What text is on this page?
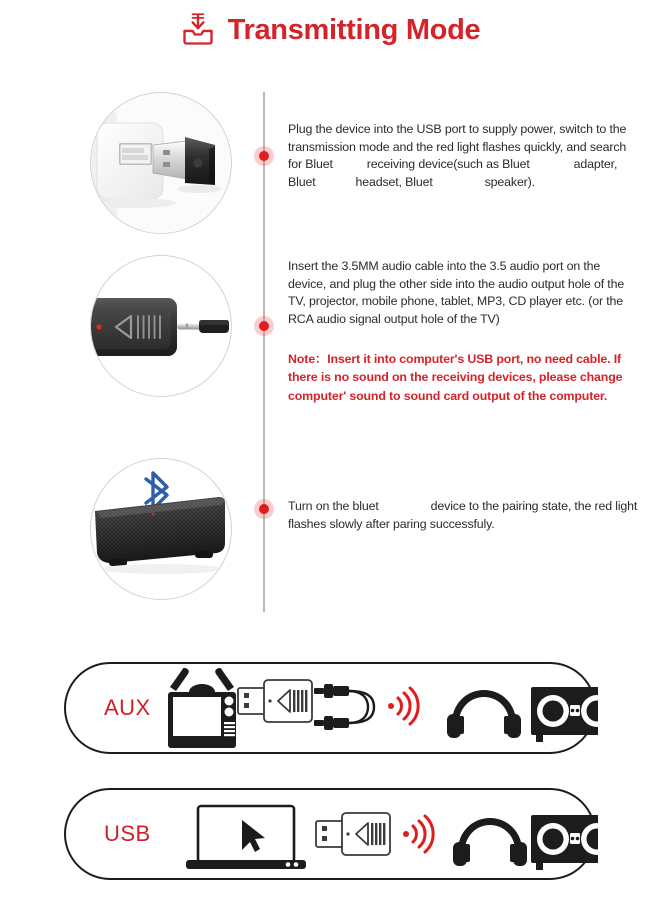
Transmitting Mode
Plug the device into the USB port to supply power, switch to the transmission mode and the red light flashes quickly, and search for Bluet	receiving device(such as Bluet	adapter, Bluet	headset, Bluet	speaker).
Insert the 3.5MM audio cable into the 3.5 audio port on the device, and plug the other side into the audio output hole of the TV, projector, mobile phone, tablet, MP3, CD player etc. (or the RCA audio signal output hole of the TV)
Note：Insert it into computer's USB port, no need cable. If there is no sound on the receiving devices, please change computer' sound to sound card output of the computer.
Turn on the bluet	device to the pairing state, the red light flashes slowly after paring successfuly.
AUX
USB
